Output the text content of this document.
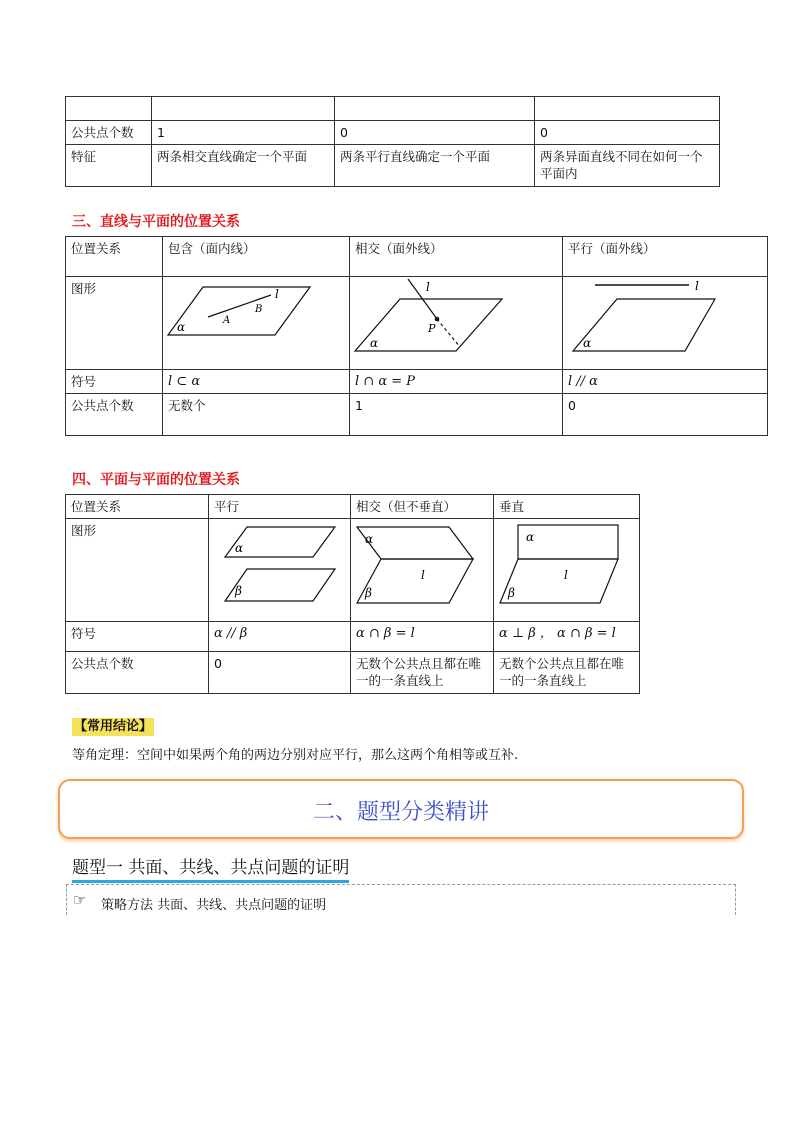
公共点个数	1	0	0
特征	两条相交直线确定一个平面	两条平行直线确定一个平面	两条异面直线不同在如何一个平面内
三、直线与平面的位置关系
位置关系	包含（面内线）	相交（面外线）	平行（面外线）
图形	l
A
B
α	l
P
α	l
α

符号	l ⊂ α	l ∩ α = P	l // α
公共点个数	无数个	1	0
四、平面与平面的位置关系
位置关系	平行	相交（但不垂直）	垂直
图形	α
β	α
β
l	α
β
l

符号	α // β	α ∩ β = l	α ⊥ β ， α ∩ β = l
公共点个数	0	无数个公共点且都在唯一的一条直线上	无数个公共点且都在唯一的一条直线上
【常用结论】
等角定理：空间中如果两个角的两边分别对应平行，那么这两个角相等或互补.
二、题型分类精讲
题型一 共面、共线、共点问题的证明
☞ 策略方法 共面、共线、共点问题的证明
